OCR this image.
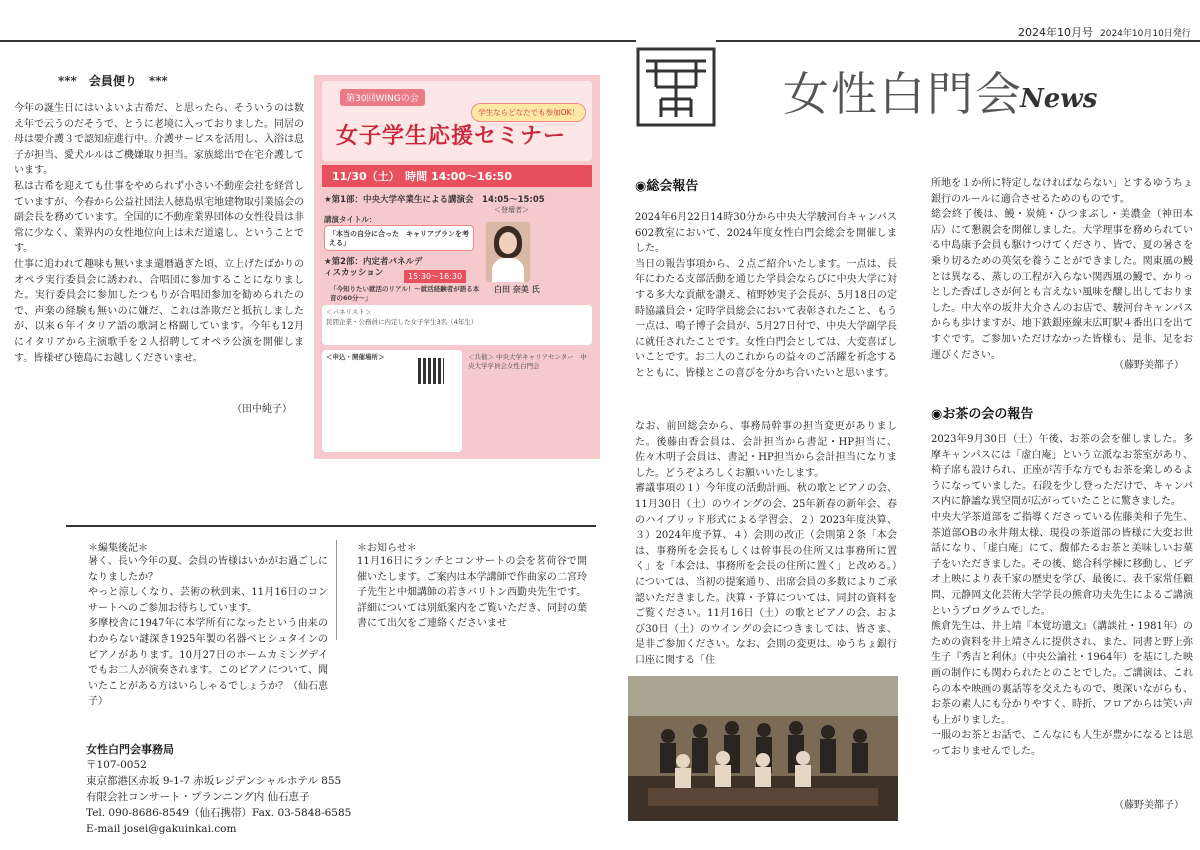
2024年10月号 2024年10月10日発行
女性白門会
News
***　会員便り　***
今年の誕生日にはいよいよ古希だ、と思ったら、そういうのは数え年で云うのだそうで、とうに老境に入っておりました。同居の母は要介護３で認知症進行中。介護サービスを活用し、入浴は息子が担当、愛犬ルルはご機嫌取り担当。家族総出で在宅介護しています。
私は古希を迎えても仕事をやめられず小さい不動産会社を経営していますが、今春から公益社団法人徳島県宅地建物取引業協会の副会長を務めています。全国的に不動産業界団体の女性役員は非常に少なく、業界内の女性地位向上は未だ道遠し、ということです。
仕事に追われて趣味も無いまま還暦過ぎた頃、立上げたばかりのオペラ実行委員会に誘われ、合唱団に参加することになりました。実行委員会に参加したつもりが合唱団参加を勧められたので、声楽の経験も無いのに嫌だ、これは詐欺だと抵抗しましたが、以来６年イタリア語の歌詞と格闘しています。今年も12月にイタリアから主演歌手を２人招聘してオペラ公演を開催します。皆様ぜひ徳島にお越しくださいませ。
（田中純子）
第30回WINGの会
学生ならどなたでも参加OK！
女子学生応援セミナー
11/30（土）　時間 14:00～16:50
★第1部：中央大学卒業生による講演会　14:05～15:05
講演タイトル：
「本当の自分に合った　キャリアプランを考える」
＜登壇者＞
★第2部：内定者パネルディスカッション	15:30～16:30
「今知りたい就活のリアル！～就活経験者が語る本音の60分～」
白田 奈美 氏
＜パネリスト＞
民間企業・公務員に内定した女子学生3名（4年生）
＜申込・開催場所＞	＜共催＞ 中央大学キャリアセンター　中央大学学員会女性白門会
＊編集後記＊
暑く、長い今年の夏、会員の皆様はいかがお過ごしになりましたか？
やっと涼しくなり、芸術の秋到来、11月16日のコンサートへのご参加お待ちしています。
多摩校舎に1947年に本学所有になったという由来のわからない謎深き1925年製の名器ベヒシュタインのピアノがあります。10月27日のホームカミングデイでもお二人が演奏されます。このピアノについて、聞いたことがある方はいらしゃるでしょうか？（仙石恵子）
＊お知らせ＊
11月16日にランチとコンサートの会を茗荷谷で開催いたします。ご案内は本学講師で作曲家の二宮玲子先生と中畑講師の若きバリトン西勤央先生です。
詳細については別紙案内をご覧いただき、同封の葉書にて出欠をご連絡くださいませ
女性白門会事務局
〒107-0052
東京都港区赤坂 9-1-7 赤坂レジデンシャルホテル 855
有限会社コンサート・プランニング内 仙石恵子
Tel. 090-8686-8549（仙石携帯）Fax. 03-5848-6585
E-mail josei@gakuinkai.com
◉総会報告
2024年6月22日14時30分から中央大学駿河台キャンパス602教室において、2024年度女性白門会総会を開催しました。
当日の報告事項から、２点ご紹介いたします。一点は、長年にわたる支部活動を通じた学員会ならびに中央大学に対する多大な貢献を讃え、植野妙実子会長が、5月18日の定時協議員会・定時学員総会において表彰されたこと、もう一点は、鳴子博子会員が、5月27日付で、中央大学副学長に就任されたことです。女性白門会としては、大変喜ばしいことです。お二人のこれからの益々のご活躍を祈念するとともに、皆様とこの喜びを分かち合いたいと思います。
なお、前回総会から、事務局幹事の担当変更がありました。後藤由香会員は、会計担当から書記・HP担当に、佐々木明子会員は、書記・HP担当から会計担当になりました。どうぞよろしくお願いいたします。
審議事項の１）今年度の活動計画、秋の歌とピアノの会、11月30日（土）のウイングの会、25年新春の新年会、春のハイブリッド形式による学習会、２）2023年度決算、３）2024年度予算、４）会則の改正（会則第２条「本会は、事務所を会長もしくは幹事長の住所又は事務所に置く」を「本会は、事務所を会長の住所に置く」と改める。）については、当初の提案通り、出席会員の多数によりご承認いただきました。決算・予算については、同封の資料をご覧ください。11月16日（土）の歌とピアノの会、および30日（土）のウイングの会につきましては、皆さま、是非ご参加ください。なお、会則の変更は、ゆうちょ銀行口座に関する「住
所地を１か所に特定しなければならない」とするゆうちょ銀行のルールに適合させるためのものです。
総会終了後は、鰻・炭焼・ひつまぶし・美濃金（神田本店）にて懇親会を開催しました。大学理事を務められている中島康予会員も駆けつけてくださり、皆で、夏の暑さを乗り切るための英気を養うことができました。関東風の鰻とは異なる、蒸しの工程が入らない関西風の鰻で、かりっとした香ばしさが何とも言えない風味を醸し出しておりました。中大卒の坂井大介さんのお店で、駿河台キャンパスからも歩けますが、地下鉄銀座線末広町駅４番出口を出てすぐです。ご参加いただけなかった皆様も、是非、足をお運びください。
（藤野美都子）
◉お茶の会の報告
2023年9月30日（土）午後、お茶の会を催しました。多摩キャンパスには「虚白庵」という立派なお茶室があり、椅子席も設けられ、正座が苦手な方でもお茶を楽しめるようになっていました。石段を少し登っただけで、キャンパス内に静謐な異空間が広がっていたことに驚きました。
中央大学茶道部をご指導くださっている佐藤美和子先生、茶道部OBの永井翔太様、現役の茶道部の皆様に大変お世話になり、「虚白庵」にて、馥郁たるお茶と美味しいお菓子をいただきました。その後、総合科学棟に移動し、ビデオ上映により表千家の歴史を学び、最後に、表千家常任顧問、元静岡文化芸術大学学長の熊倉功夫先生によるご講演というプログラムでした。
熊倉先生は、井上靖『本覚坊遺文』（講談社・1981年）のための資料を井上靖さんに提供され、また、同書と野上弥生子『秀吉と利休』（中央公論社・1964年）を基にした映画の制作にも関わられたとのことでした。ご講演は、これらの本や映画の裏話等を交えたもので、奥深いながらも、お茶の素人にも分かりやすく、時折、フロアからは笑い声も上がりました。
一服のお茶とお話で、こんなにも人生が豊かになるとは思っておりませんでした。
（藤野美都子）
